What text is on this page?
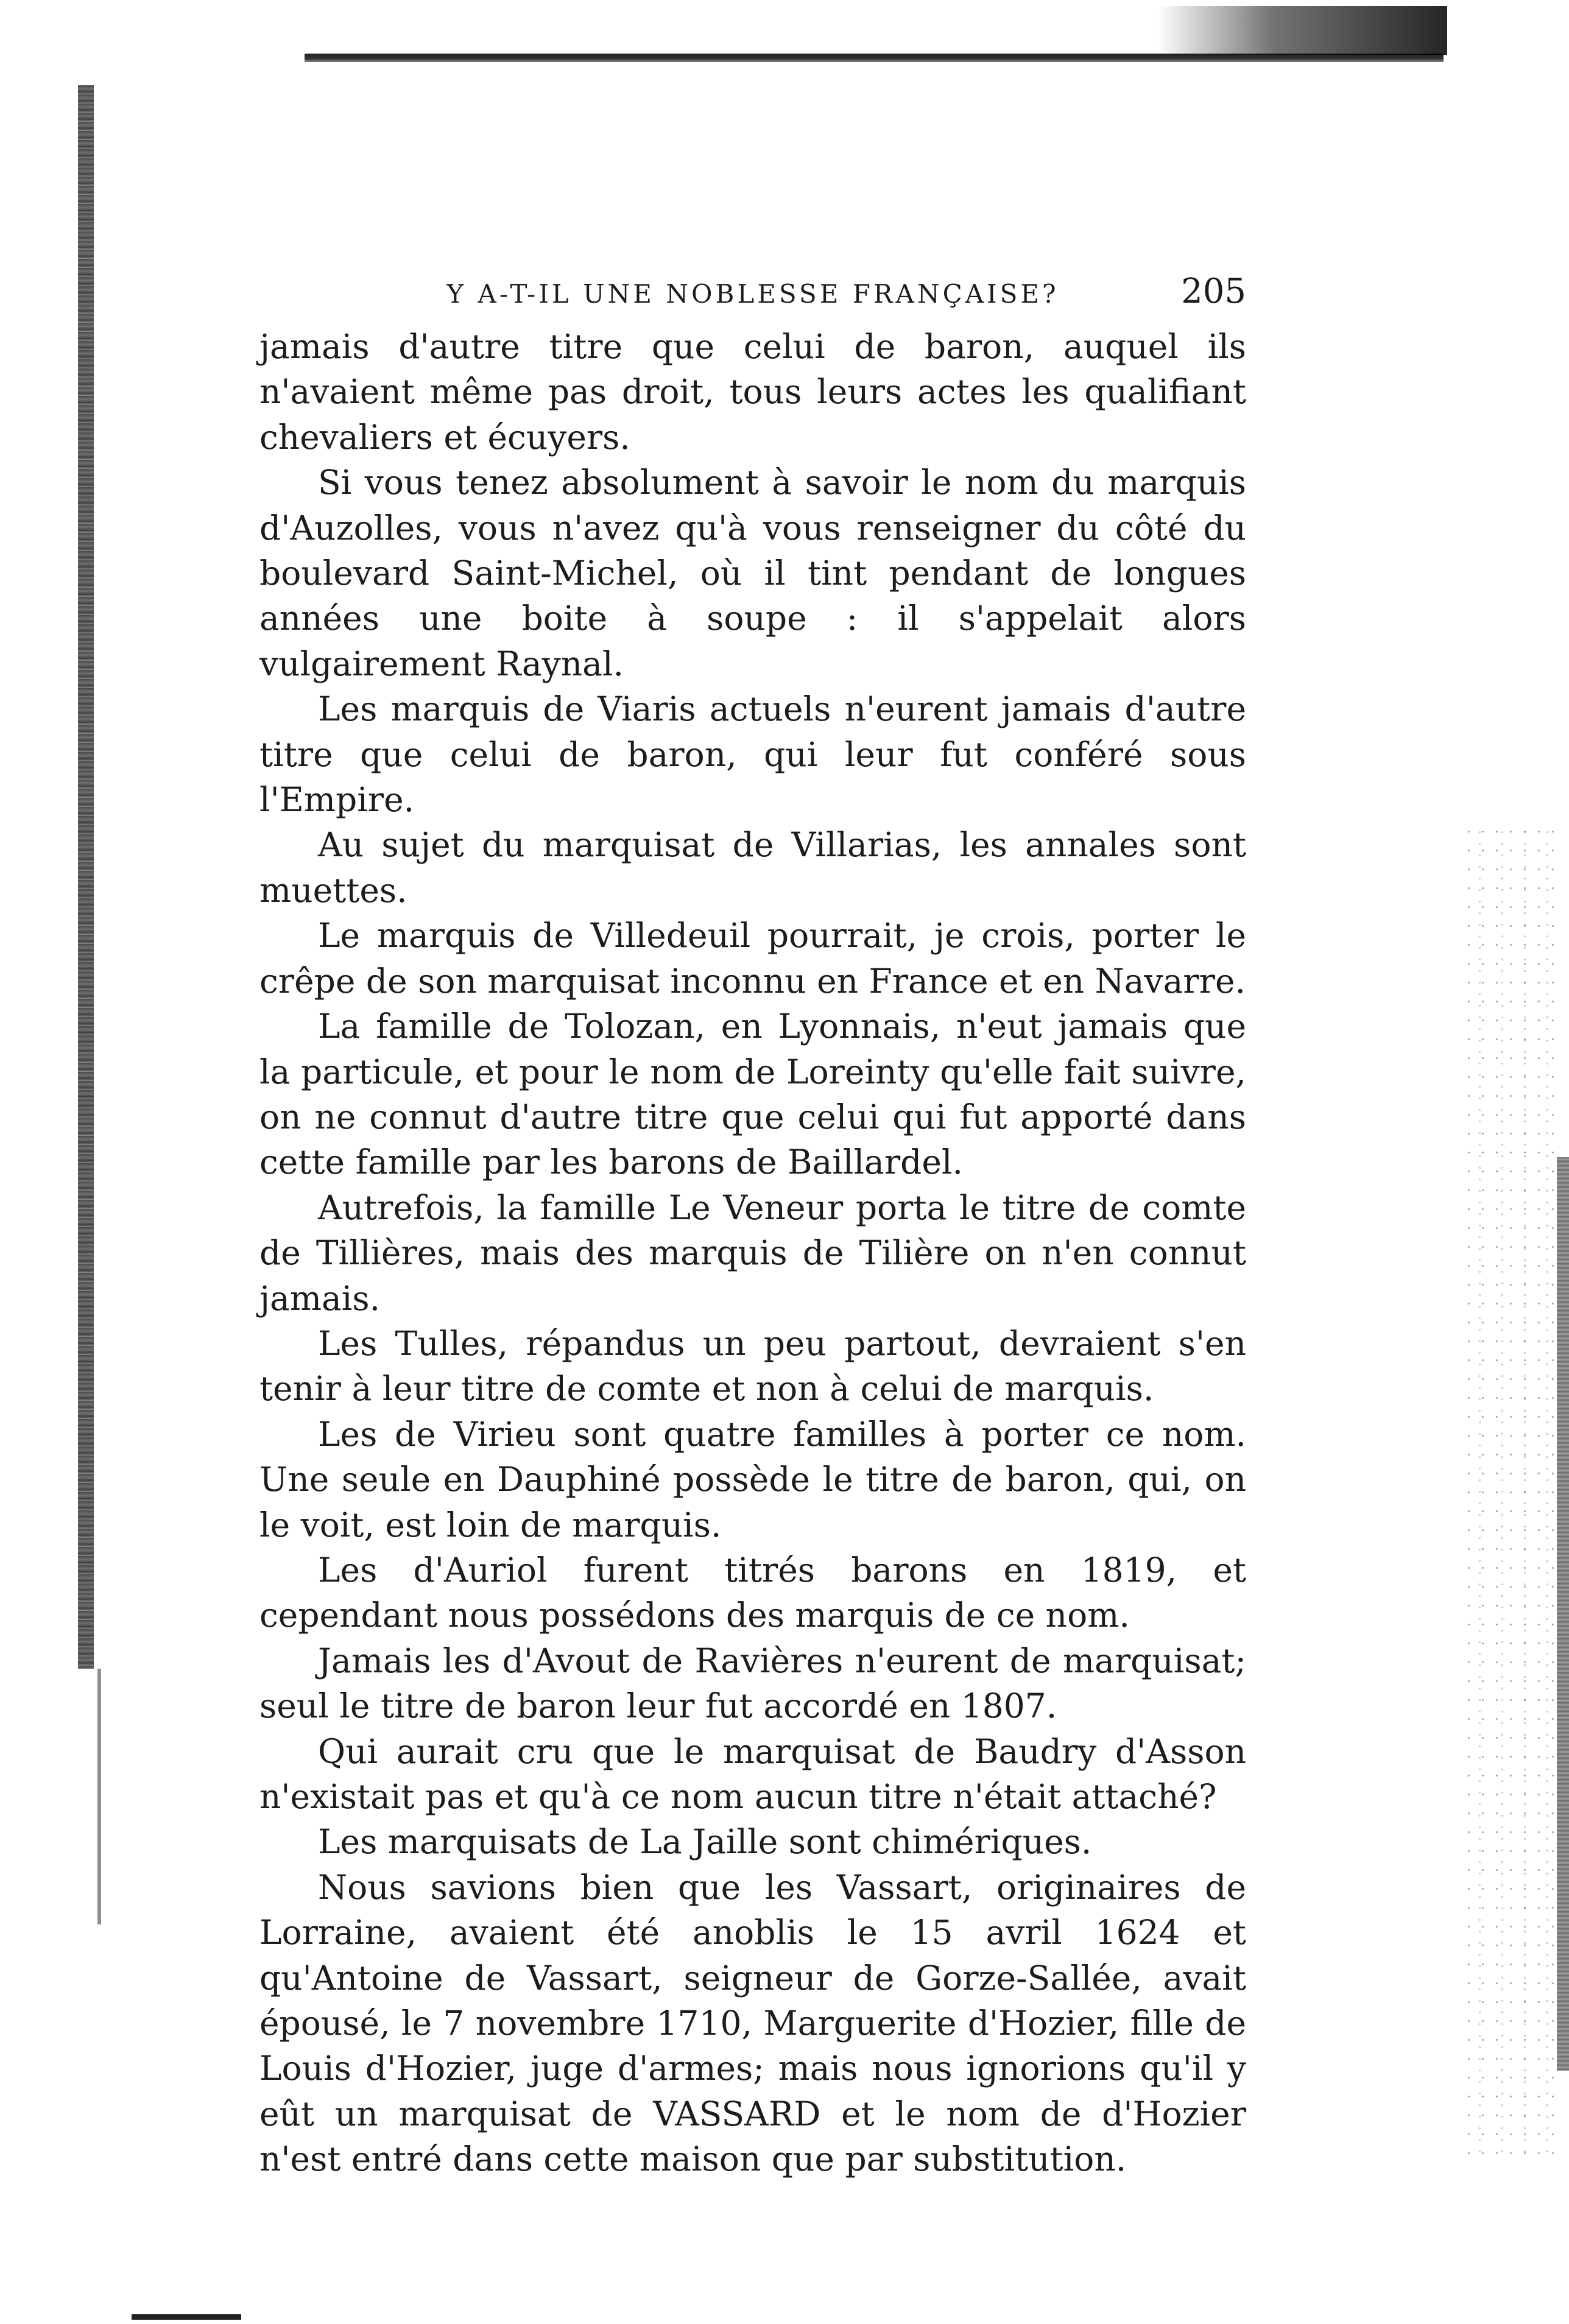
Y A-T-IL UNE NOBLESSE FRANÇAISE?	205

jamais d'autre titre que celui de baron, auquel ils n'avaient même pas droit, tous leurs actes les qualifiant chevaliers et écuyers.

Si vous tenez absolument à savoir le nom du marquis d'Auzolles, vous n'avez qu'à vous renseigner du côté du boulevard Saint-Michel, où il tint pendant de longues années une boite à soupe : il s'appelait alors vulgairement Raynal.

Les marquis de Viaris actuels n'eurent jamais d'autre titre que celui de baron, qui leur fut conféré sous l'Empire.

Au sujet du marquisat de Villarias, les annales sont muettes.

Le marquis de Villedeuil pourrait, je crois, porter le crêpe de son marquisat inconnu en France et en Navarre.

La famille de Tolozan, en Lyonnais, n'eut jamais que la particule, et pour le nom de Loreinty qu'elle fait suivre, on ne connut d'autre titre que celui qui fut apporté dans cette famille par les barons de Baillardel.

Autrefois, la famille Le Veneur porta le titre de comte de Tillières, mais des marquis de Tilière on n'en connut jamais.

Les Tulles, répandus un peu partout, devraient s'en tenir à leur titre de comte et non à celui de marquis.

Les de Virieu sont quatre familles à porter ce nom. Une seule en Dauphiné possède le titre de baron, qui, on le voit, est loin de marquis.

Les d'Auriol furent titrés barons en 1819, et cependant nous possédons des marquis de ce nom.

Jamais les d'Avout de Ravières n'eurent de marquisat; seul le titre de baron leur fut accordé en 1807.

Qui aurait cru que le marquisat de Baudry d'Asson n'existait pas et qu'à ce nom aucun titre n'était attaché?

Les marquisats de La Jaille sont chimériques.

Nous savions bien que les Vassart, originaires de Lorraine, avaient été anoblis le 15 avril 1624 et qu'Antoine de Vassart, seigneur de Gorze-Sallée, avait épousé, le 7 novembre 1710, Marguerite d'Hozier, fille de Louis d'Hozier, juge d'armes; mais nous ignorions qu'il y eût un marquisat de VASSARD et le nom de d'Hozier n'est entré dans cette maison que par substitution.
